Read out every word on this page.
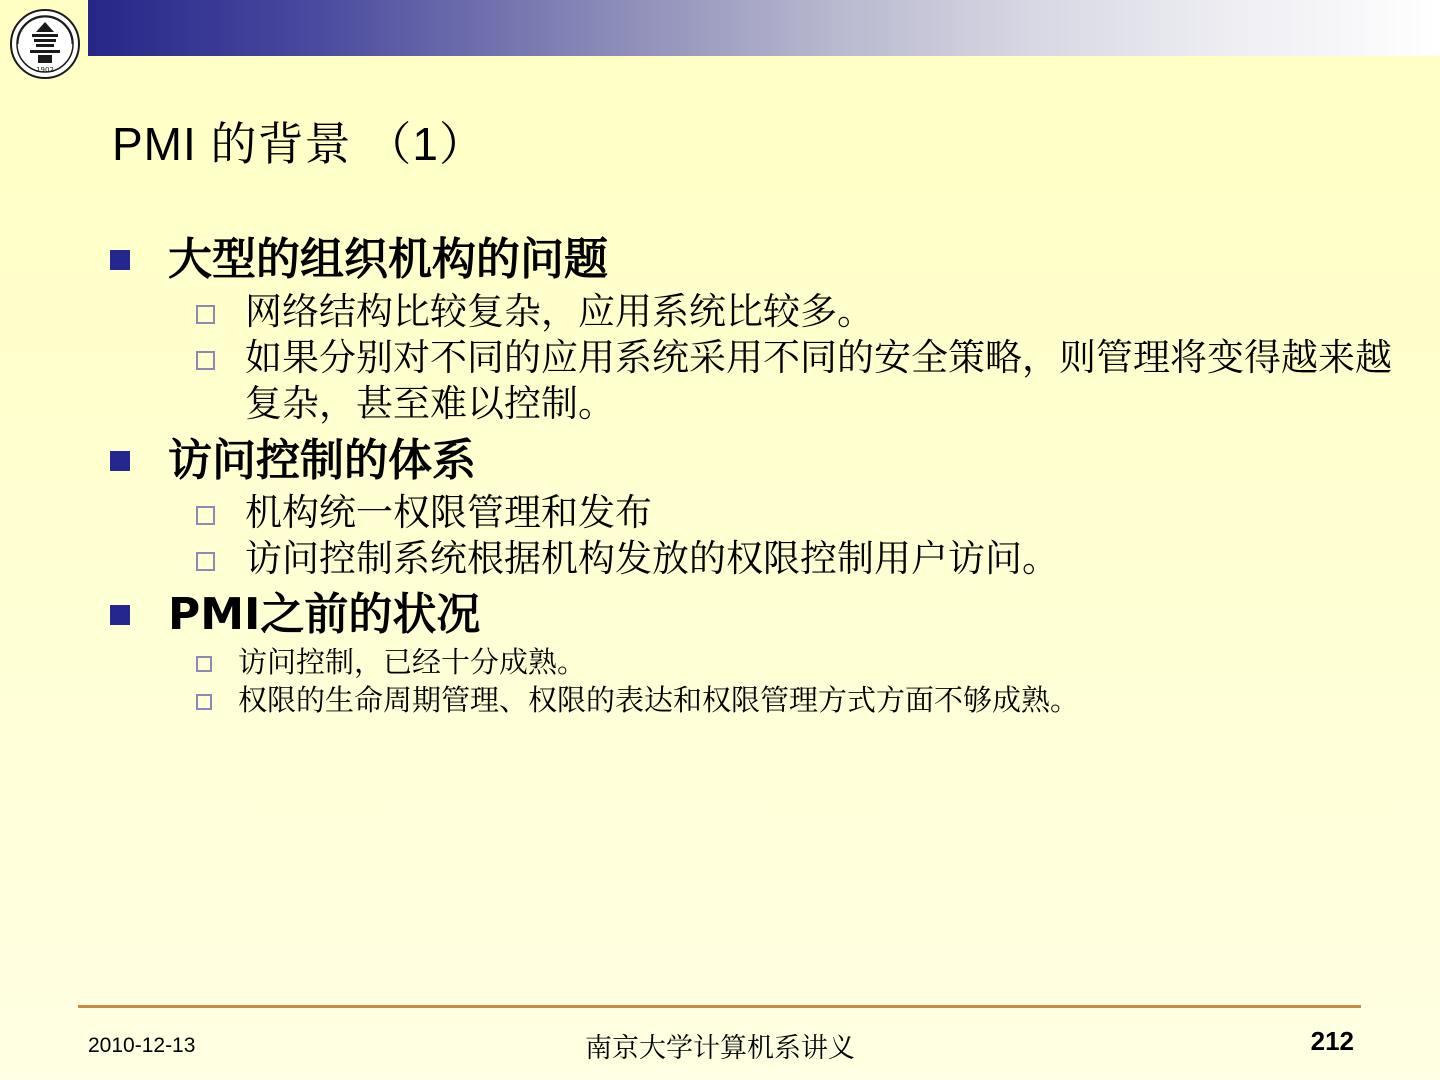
1902
PMI 的背景 （1）
大型的组织机构的问题
网络结构比较复杂，应用系统比较多。
如果分别对不同的应用系统采用不同的安全策略，则管理将变得越来越复杂，甚至难以控制。
访问控制的体系
机构统一权限管理和发布
访问控制系统根据机构发放的权限控制用户访问。
PMI之前的状况
访问控制，已经十分成熟。
权限的生命周期管理、权限的表达和权限管理方式方面不够成熟。
2010-12-13	南京大学计算机系讲义	212
